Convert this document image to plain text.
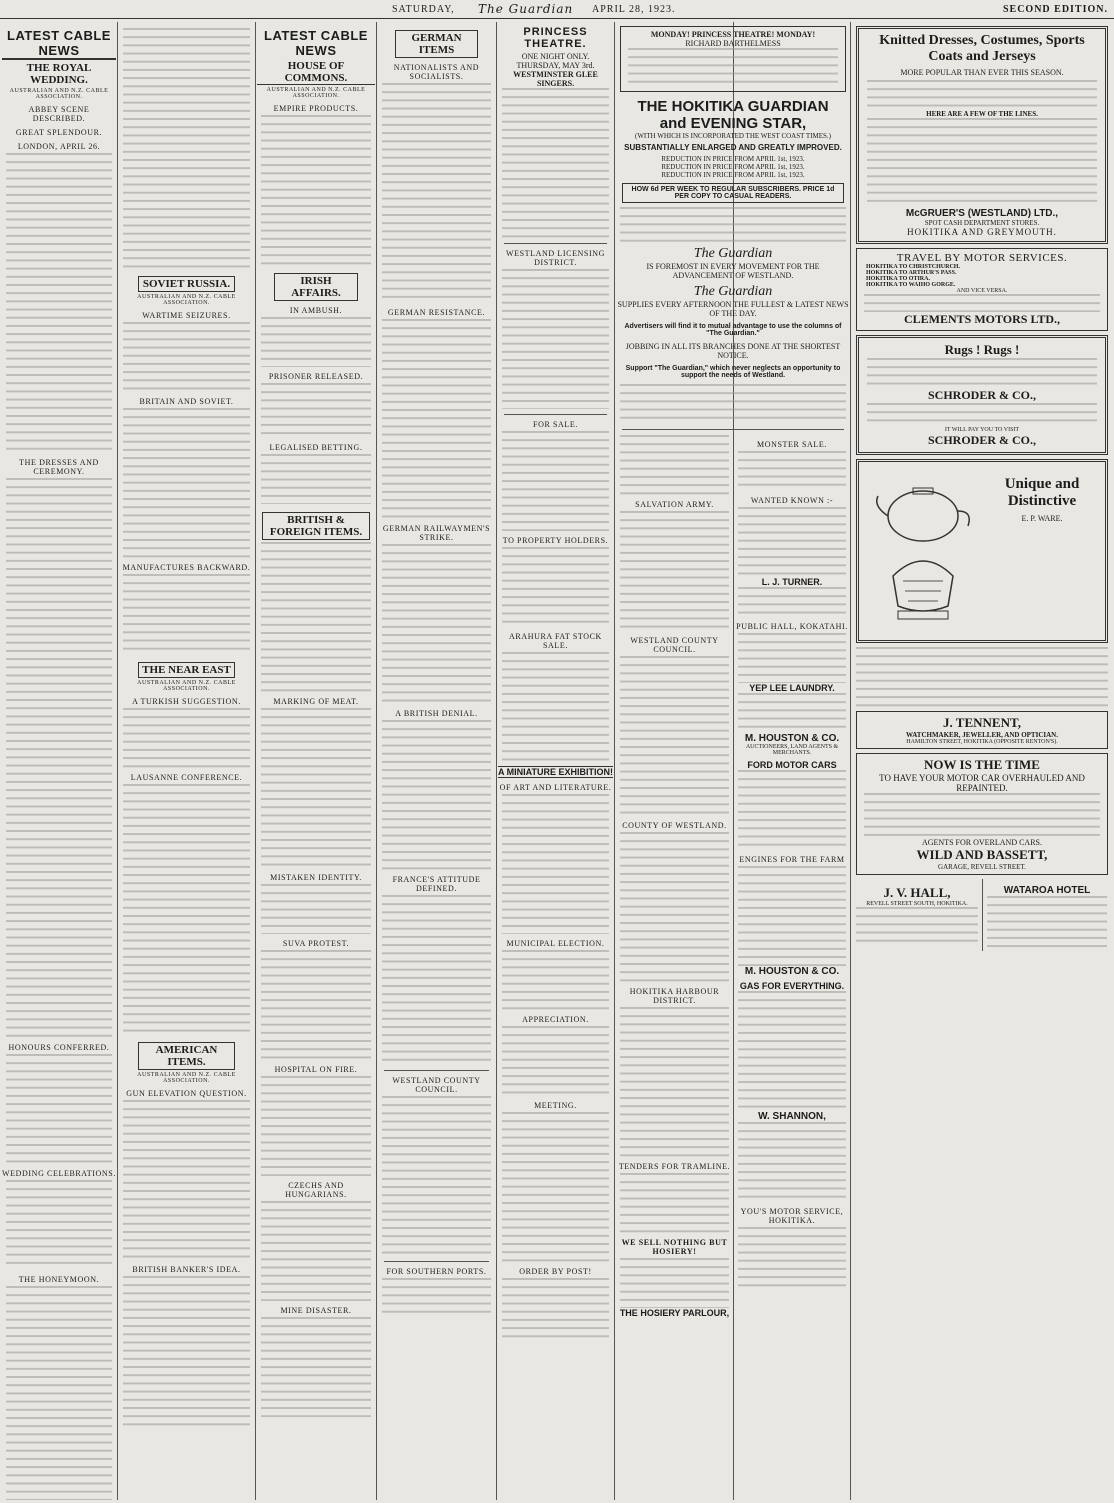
SATURDAY, The Guardian APRIL 28, 1923.	SECOND EDITION.
LATEST CABLE NEWS
THE ROYAL WEDDING.
AUSTRALIAN AND N.Z. CABLE ASSOCIATION.
ABBEY SCENE DESCRIBED.
GREAT SPLENDOUR.
LONDON, APRIL 26.
THE DRESSES AND CEREMONY.
HONOURS CONFERRED.
WEDDING CELEBRATIONS.
THE HONEYMOON.
SOVIET RUSSIA.
AUSTRALIAN AND N.Z. CABLE ASSOCIATION.
WARTIME SEIZURES.
BRITAIN AND SOVIET.
MANUFACTURES BACKWARD.
THE NEAR EAST
AUSTRALIAN AND N.Z. CABLE ASSOCIATION.
A TURKISH SUGGESTION.
LAUSANNE CONFERENCE.
AMERICAN ITEMS.
AUSTRALIAN AND N.Z. CABLE ASSOCIATION.
GUN ELEVATION QUESTION.
BRITISH BANKER'S IDEA.
LATEST CABLE NEWS
HOUSE OF COMMONS.
AUSTRALIAN AND N.Z. CABLE ASSOCIATION.
EMPIRE PRODUCTS.
IRISH AFFAIRS.
IN AMBUSH.
PRISONER RELEASED.
LEGALISED BETTING.
BRITISH & FOREIGN ITEMS.
MARKING OF MEAT.
MISTAKEN IDENTITY.
SUVA PROTEST.
HOSPITAL ON FIRE.
CZECHS AND HUNGARIANS.
MINE DISASTER.
GERMAN ITEMS
NATIONALISTS AND SOCIALISTS.
GERMAN RESISTANCE.
GERMAN RAILWAYMEN'S STRIKE.
A BRITISH DENIAL.
FRANCE'S ATTITUDE DEFINED.
WESTLAND COUNTY COUNCIL.
FOR SOUTHERN PORTS.
PRINCESS THEATRE.
ONE NIGHT ONLY.
THURSDAY, MAY 3rd.
WESTMINSTER GLEE SINGERS.
WESTLAND LICENSING DISTRICT.
FOR SALE.
TO PROPERTY HOLDERS.
ARAHURA FAT STOCK SALE.
A MINIATURE EXHIBITION!
OF ART AND LITERATURE.
MUNICIPAL ELECTION.
APPRECIATION.
MEETING.
ORDER BY POST!
MONDAY! PRINCESS THEATRE! MONDAY!
RICHARD BARTHELMESS
THE HOKITIKA GUARDIAN
and EVENING STAR,
(WITH WHICH IS INCORPORATED THE WEST COAST TIMES.)
SUBSTANTIALLY ENLARGED AND GREATLY IMPROVED.
REDUCTION IN PRICE FROM APRIL 1st, 1923.
REDUCTION IN PRICE FROM APRIL 1st, 1923.
REDUCTION IN PRICE FROM APRIL 1st, 1923.
HOW 6d PER WEEK TO REGULAR SUBSCRIBERS. PRICE 1d PER COPY TO CASUAL READERS.
The Guardian
IS FOREMOST IN EVERY MOVEMENT FOR THE ADVANCEMENT OF WESTLAND.
The Guardian
SUPPLIES EVERY AFTERNOON THE FULLEST & LATEST NEWS OF THE DAY.
Advertisers will find it to mutual advantage to use the columns of "The Guardian."
JOBBING IN ALL ITS BRANCHES DONE AT THE SHORTEST NOTICE.
Support "The Guardian," which never neglects an opportunity to support the needs of Westland.
SALVATION ARMY.
WESTLAND COUNTY COUNCIL.
COUNTY OF WESTLAND.
HOKITIKA HARBOUR DISTRICT.
TENDERS FOR TRAMLINE.
WE SELL NOTHING BUT HOSIERY!
THE HOSIERY PARLOUR,
MONSTER SALE.
WANTED KNOWN :-
L. J. TURNER.
PUBLIC HALL, KOKATAHI.
YEP LEE LAUNDRY.
M. HOUSTON & CO.
AUCTIONEERS, LAND AGENTS & MERCHANTS.
FORD MOTOR CARS
ENGINES FOR THE FARM
M. HOUSTON & CO.
GAS FOR EVERYTHING.
W. SHANNON,
YOU'S MOTOR SERVICE, HOKITIKA.
Knitted Dresses, Costumes, Sports Coats and Jerseys
MORE POPULAR THAN EVER THIS SEASON.
HERE ARE A FEW OF THE LINES.
McGRUER'S (WESTLAND) LTD.,
SPOT CASH DEPARTMENT STORES.
HOKITIKA AND GREYMOUTH.
TRAVEL BY MOTOR SERVICES.
HOKITIKA TO CHRISTCHURCH.
HOKITIKA TO ARTHUR'S PASS.
HOKITIKA TO OTIRA.
HOKITIKA TO WAIHO GORGE.
AND VICE VERSA.
CLEMENTS MOTORS LTD.,
Rugs ! Rugs !
SCHRODER & CO.,
IT WILL PAY YOU TO VISIT
SCHRODER & CO.,
Unique and Distinctive
E. P. WARE.
J. TENNENT,
WATCHMAKER, JEWELLER, AND OPTICIAN.
HAMILTON STREET, HOKITIKA (OPPOSITE RENTON'S).
NOW IS THE TIME
TO HAVE YOUR MOTOR CAR OVERHAULED AND REPAINTED.
AGENTS FOR OVERLAND CARS.
WILD AND BASSETT,
GARAGE, REVELL STREET.
J. V. HALL,
REVELL STREET SOUTH, HOKITIKA.
WATAROA HOTEL
